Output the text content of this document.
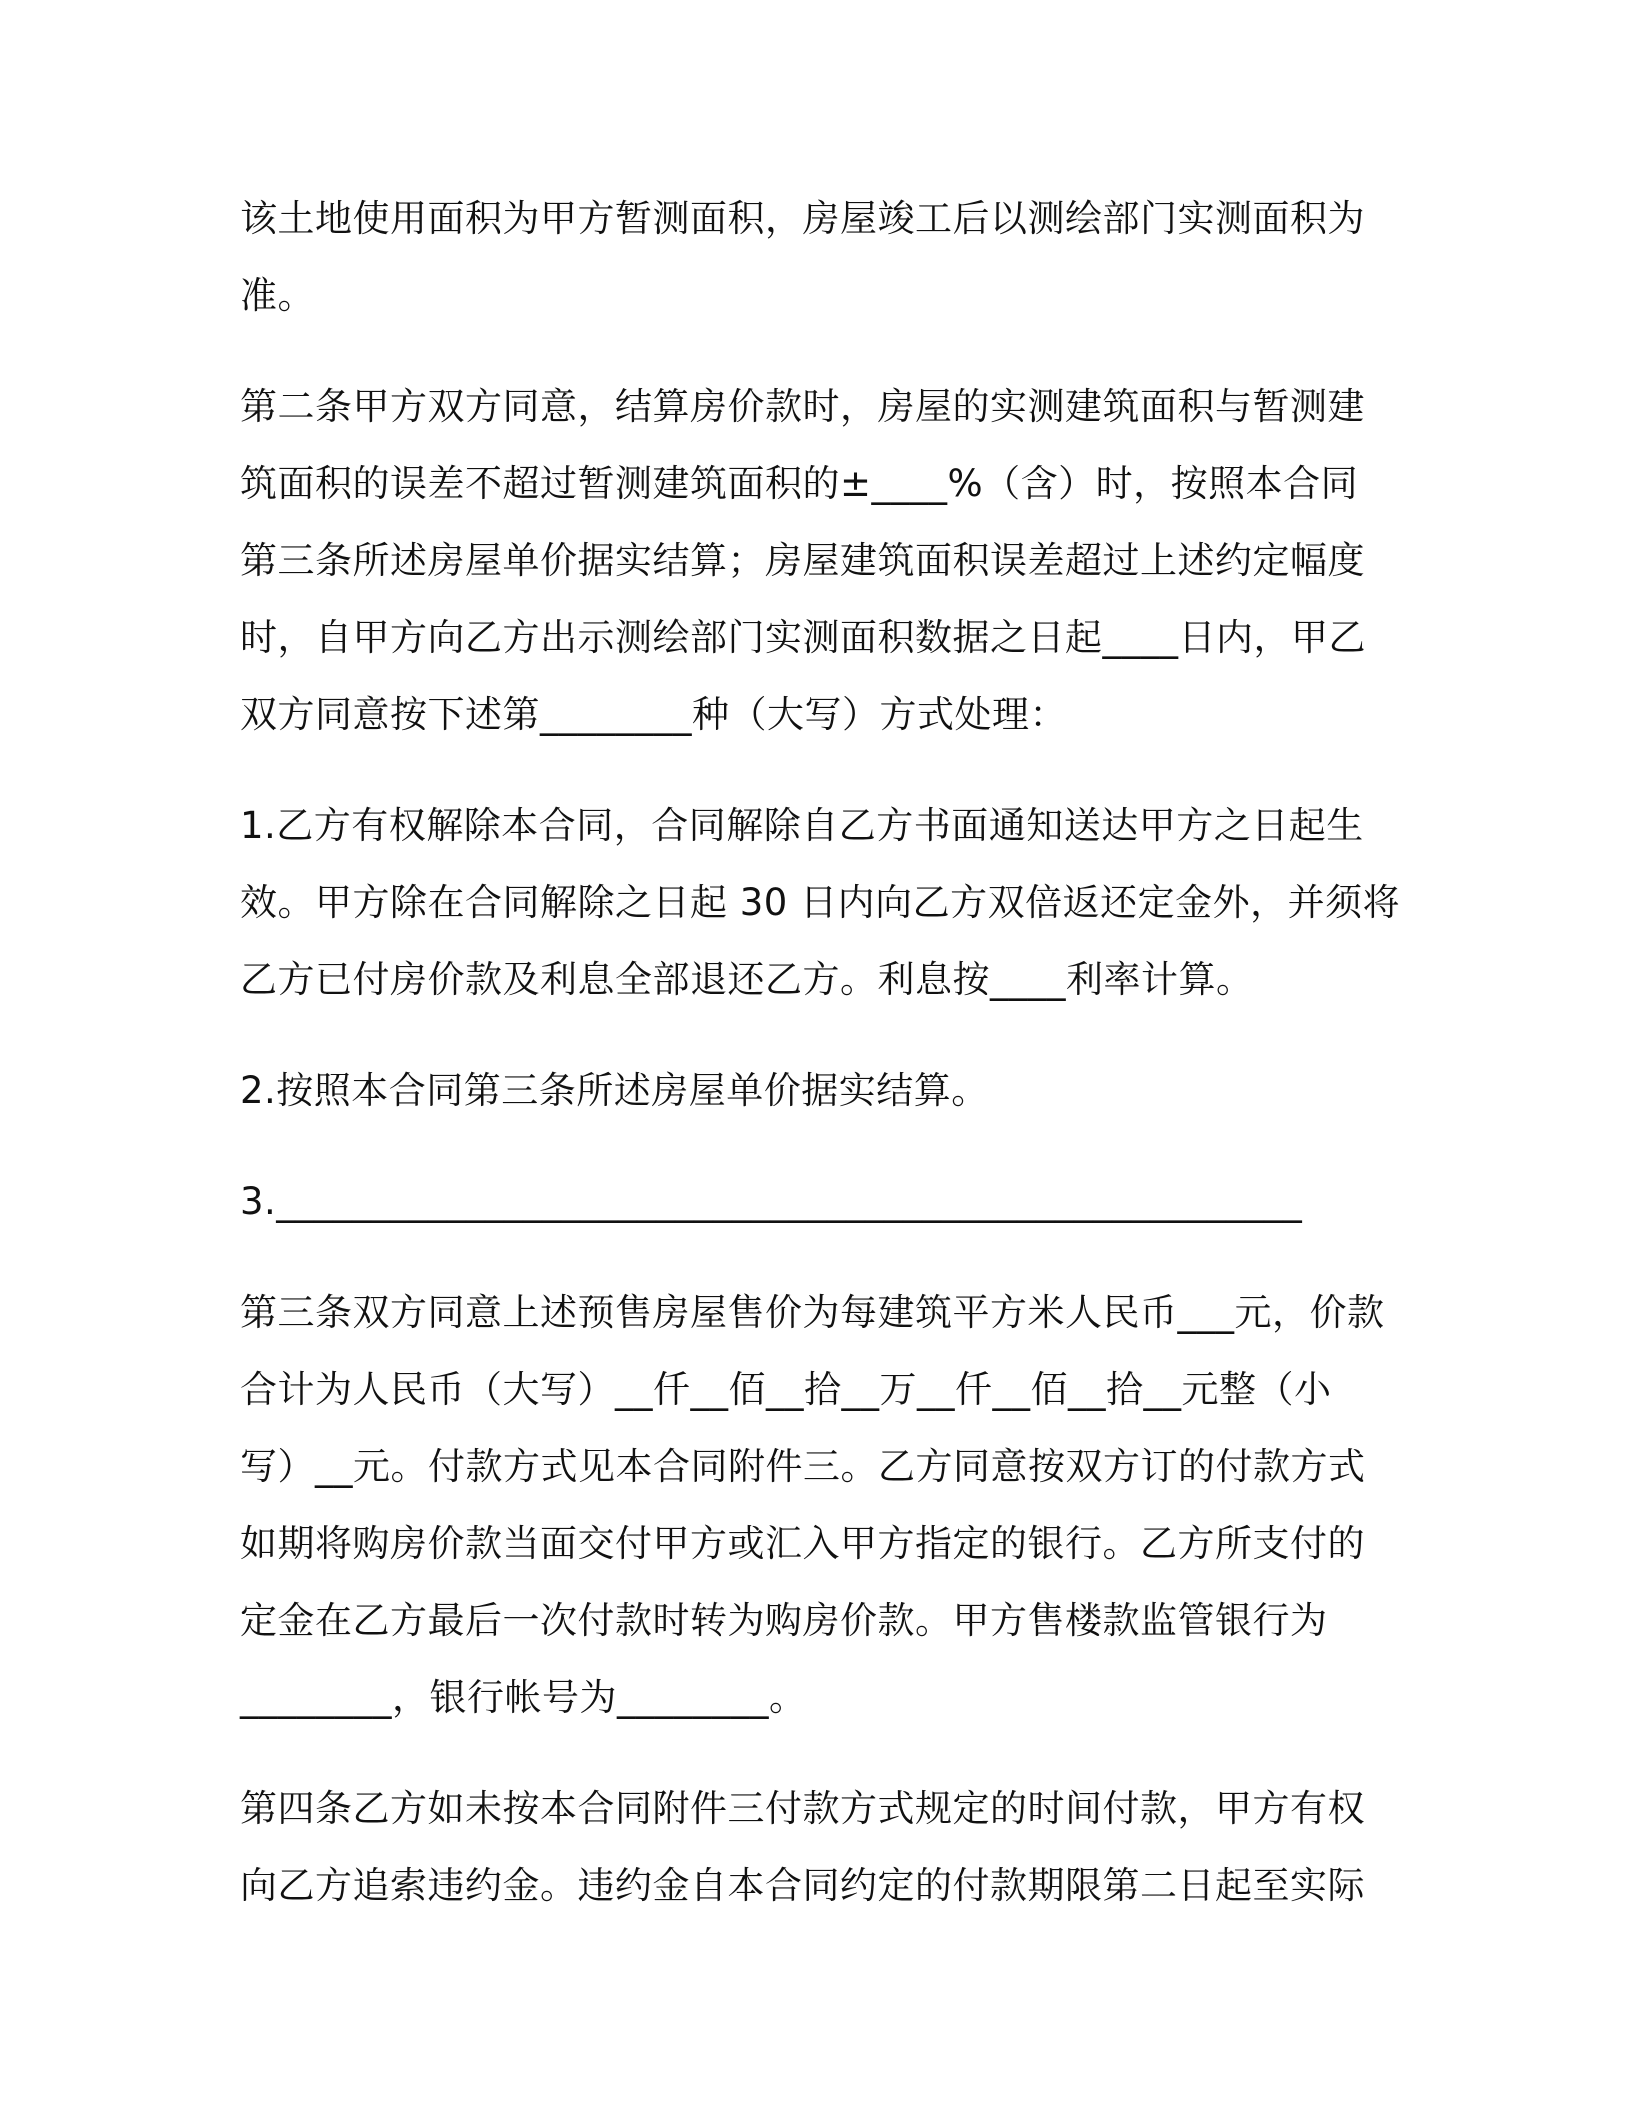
该土地使用面积为甲方暂测面积，房屋竣工后以测绘部门实测面积为
准。

第二条甲方双方同意，结算房价款时，房屋的实测建筑面积与暂测建
筑面积的误差不超过暂测建筑面积的±____%（含）时，按照本合同
第三条所述房屋单价据实结算；房屋建筑面积误差超过上述约定幅度
时，自甲方向乙方出示测绘部门实测面积数据之日起____日内，甲乙
双方同意按下述第________种（大写）方式处理：

1.乙方有权解除本合同，合同解除自乙方书面通知送达甲方之日起生
效。甲方除在合同解除之日起 30 日内向乙方双倍返还定金外，并须将
乙方已付房价款及利息全部退还乙方。利息按____利率计算。

2.按照本合同第三条所述房屋单价据实结算。

3.______________________________________________________

第三条双方同意上述预售房屋售价为每建筑平方米人民币___元，价款
合计为人民币（大写）__仟__佰__拾__万__仟__佰__拾__元整（小
写）__元。付款方式见本合同附件三。乙方同意按双方订的付款方式
如期将购房价款当面交付甲方或汇入甲方指定的银行。乙方所支付的
定金在乙方最后一次付款时转为购房价款。甲方售楼款监管银行为
________，银行帐号为________。

第四条乙方如未按本合同附件三付款方式规定的时间付款，甲方有权
向乙方追索违约金。违约金自本合同约定的付款期限第二日起至实际
